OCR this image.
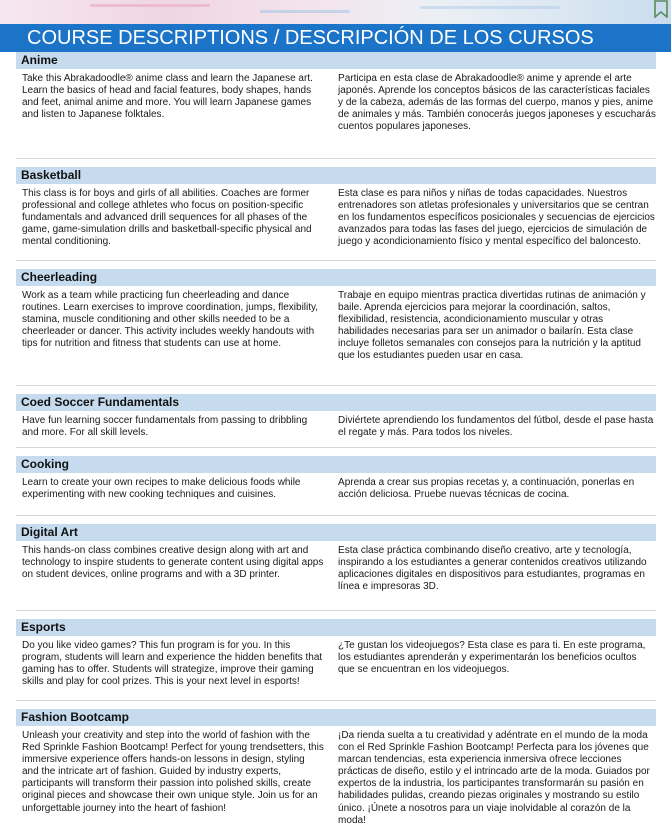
COURSE DESCRIPTIONS / DESCRIPCIÓN DE LOS CURSOS
Anime
Take this Abrakadoodle® anime class and learn the Japanese art. Learn the basics of head and facial features, body shapes, hands and feet, animal anime and more. You will learn Japanese games and listen to Japanese folktales.
Participa en esta clase de Abrakadoodle® anime y aprende el arte japonés. Aprende los conceptos básicos de las características faciales y de la cabeza, además de las formas del cuerpo, manos y pies, anime de animales y más. También conocerás juegos japoneses y escucharás cuentos populares japoneses.
Basketball
This class is for boys and girls of all abilities. Coaches are former professional and college athletes who focus on position-specific fundamentals and advanced drill sequences for all phases of the game, game-simulation drills and basketball-specific physical and mental conditioning.
Esta clase es para niños y niñas de todas capacidades. Nuestros entrenadores son atletas profesionales y universitarios que se centran en los fundamentos específicos posicionales y secuencias de ejercicios avanzados para todas las fases del juego, ejercicios de simulación de juego y acondicionamiento físico y mental específico del baloncesto.
Cheerleading
Work as a team while practicing fun cheerleading and dance routines. Learn exercises to improve coordination, jumps, flexibility, stamina, muscle conditioning and other skills needed to be a cheerleader or dancer. This activity includes weekly handouts with tips for nutrition and fitness that students can use at home.
Trabaje en equipo mientras practica divertidas rutinas de animación y baile. Aprenda ejercicios para mejorar la coordinación, saltos, flexibilidad, resistencia, acondicionamiento muscular y otras habilidades necesarias para ser un animador o bailarín. Esta clase incluye folletos semanales con consejos para la nutrición y la aptitud que los estudiantes pueden usar en casa.
Coed Soccer Fundamentals
Have fun learning soccer fundamentals from passing to dribbling and more. For all skill levels.
Diviértete aprendiendo los fundamentos del fútbol, desde el pase hasta el regate y más. Para todos los niveles.
Cooking
Learn to create your own recipes to make delicious foods while experimenting with new cooking techniques and cuisines.
Aprenda a crear sus propias recetas y, a continuación, ponerlas en acción deliciosa. Pruebe nuevas técnicas de cocina.
Digital Art
This hands-on class combines creative design along with art and technology to inspire students to generate content using digital apps on student devices, online programs and with a 3D printer.
Esta clase práctica combinando diseño creativo, arte y tecnología, inspirando a los estudiantes a generar contenidos creativos utilizando aplicaciones digitales en dispositivos para estudiantes, programas en línea e impresoras 3D.
Esports
Do you like video games? This fun program is for you. In this program, students will learn and experience the hidden benefits that gaming has to offer. Students will strategize, improve their gaming skills and play for cool prizes. This is your next level in esports!
¿Te gustan los videojuegos? Esta clase es para ti. En este programa, los estudiantes aprenderán y experimentarán los beneficios ocultos que se encuentran en los videojuegos.
Fashion Bootcamp
Unleash your creativity and step into the world of fashion with the Red Sprinkle Fashion Bootcamp! Perfect for young trendsetters, this immersive experience offers hands-on lessons in design, styling and the intricate art of fashion. Guided by industry experts, participants will transform their passion into polished skills, create original pieces and showcase their own unique style. Join us for an unforgettable journey into the heart of fashion!
¡Da rienda suelta a tu creatividad y adéntrate en el mundo de la moda con el Red Sprinkle Fashion Bootcamp! Perfecta para los jóvenes que marcan tendencias, esta experiencia inmersiva ofrece lecciones prácticas de diseño, estilo y el intrincado arte de la moda. Guiados por expertos de la industria, los participantes transformarán su pasión en habilidades pulidas, creando piezas originales y mostrando su estilo único. ¡Únete a nosotros para un viaje inolvidable al corazón de la moda!
